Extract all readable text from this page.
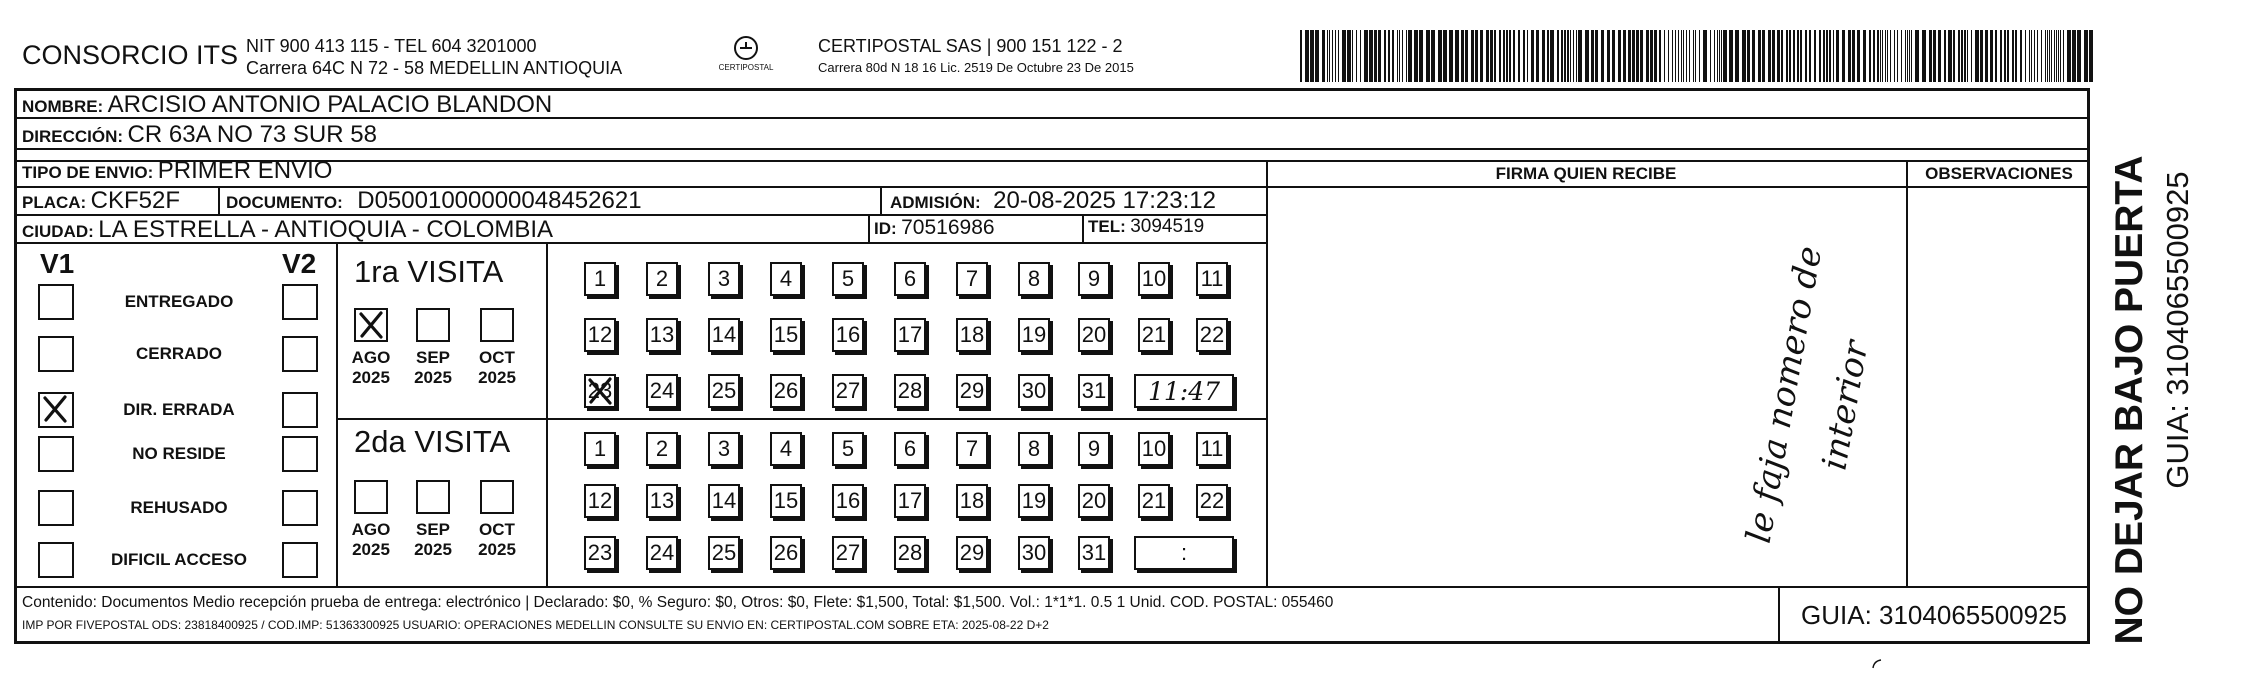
CONSORCIO ITS NIT 900 413 115 - TEL 604 3201000
Carrera 64C N 72 - 58 MEDELLIN ANTIOQUIA	CERTIPOSTAL
CERTIPOSTAL SAS | 900 151 122 - 2
Carrera 80d N 18 16 Lic. 2519 De Octubre 23 De 2015
NOMBRE: ARCISIO ANTONIO PALACIO BLANDON
DIRECCIÓN: CR 63A NO 73 SUR 58
TIPO DE ENVIO: PRIMER ENVIO
PLACA: CKF52F	DOCUMENTO: D05001000000048452621	ADMISIÓN: 20-08-2025 17:23:12
CIUDAD: LA ESTRELLA - ANTIOQUIA - COLOMBIA	ID: 70516986	TEL: 3094519
FIRMA QUIEN RECIBE	OBSERVACIONES
V1	V2
ENTREGADO
CERRADO
DIR. ERRADA
NO RESIDE
REHUSADO
DIFICIL ACCESO
1ra VISITA
2da VISITA
AGO
2025
SEP
2025
OCT
2025
AGO
2025
SEP
2025
OCT
2025
1	2	3	4	5	6	7	8	9	10 11
12 13 14 15 16 17 18 19 20 21 22
23 24 25 26 27 28 29 30 31
1	2	3	4	5	6	7	8	9	10 11
12 13 14 15 16 17 18 19 20 21 22
23 24 25 26 27 28 29 30 31
11:47
:
le faja nomero de interior
Contenido: Documentos Medio recepción prueba de entrega: electrónico | Declarado: $0, % Seguro: $0, Otros: $0, Flete: $1,500, Total: $1,500. Vol.: 1*1*1. 0.5 1 Unid. COD. POSTAL: 055460
IMP POR FIVEPOSTAL ODS: 23818400925 / COD.IMP: 51363300925 USUARIO: OPERACIONES MEDELLIN CONSULTE SU ENVIO EN: CERTIPOSTAL.COM SOBRE ETA: 2025-08-22 D+2	GUIA: 3104065500925	NO DEJAR BAJO PUERTA GUIA: 3104065500925
